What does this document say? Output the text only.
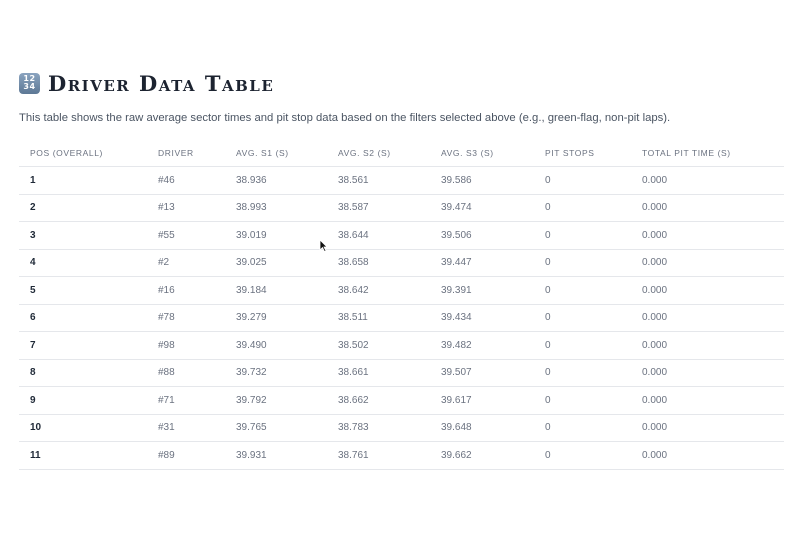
12
34 Driver Data Table
This table shows the raw average sector times and pit stop data based on the filters selected above (e.g., green-flag, non-pit laps).
POS (OVERALL)	DRIVER	AVG. S1 (S)	AVG. S2 (S)	AVG. S3 (S)	PIT STOPS	TOTAL PIT TIME (S)
1	#46	38.936	38.561	39.586	0	0.000
2	#13	38.993	38.587	39.474	0	0.000
3	#55	39.019	38.644	39.506	0	0.000
4	#2	39.025	38.658	39.447	0	0.000
5	#16	39.184	38.642	39.391	0	0.000
6	#78	39.279	38.511	39.434	0	0.000
7	#98	39.490	38.502	39.482	0	0.000
8	#88	39.732	38.661	39.507	0	0.000
9	#71	39.792	38.662	39.617	0	0.000
10	#31	39.765	38.783	39.648	0	0.000
11	#89	39.931	38.761	39.662	0	0.000
